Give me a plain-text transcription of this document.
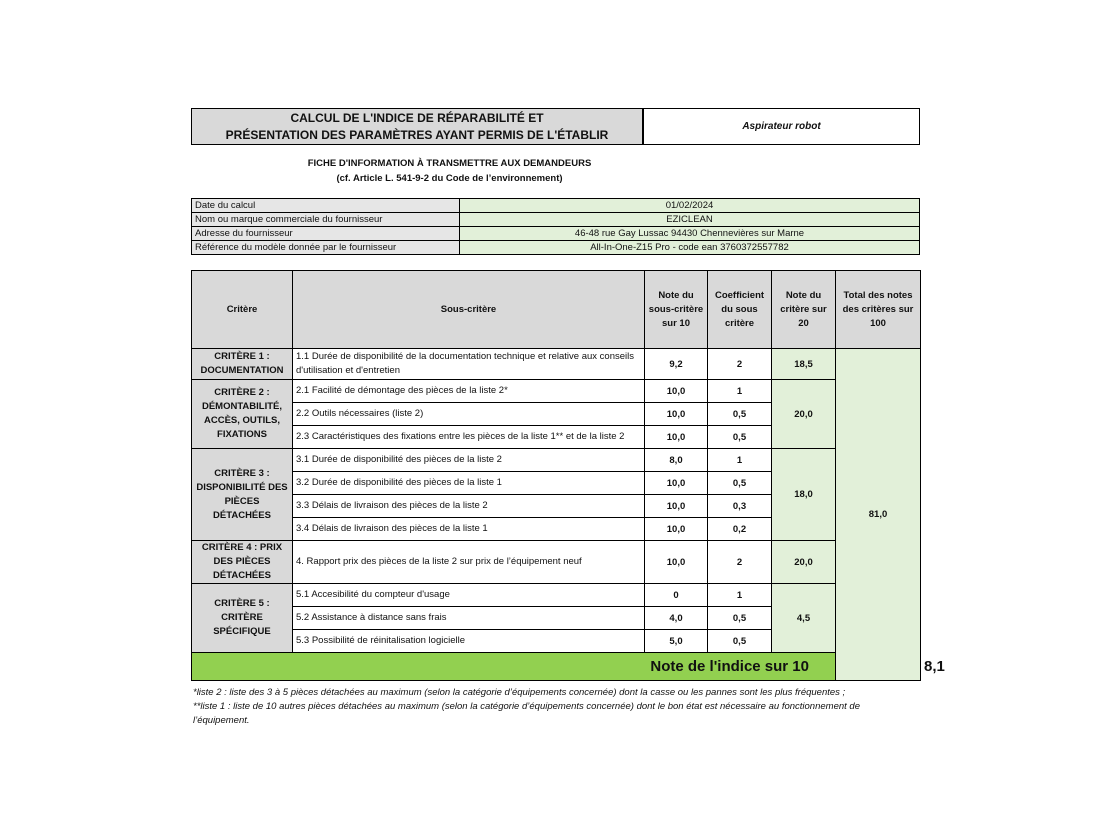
CALCUL DE L'INDICE DE RÉPARABILITÉ ET
PRÉSENTATION DES PARAMÈTRES AYANT PERMIS DE L'ÉTABLIR
Aspirateur robot
FICHE D'INFORMATION À TRANSMETTRE AUX DEMANDEURS
(cf. Article L. 541-9-2 du Code de l’environnement)
Date du calcul	01/02/2024
Nom ou marque commerciale du fournisseur	EZICLEAN
Adresse du fournisseur	46-48 rue Gay Lussac 94430 Chennevières sur Marne
Référence du modèle donnée par le fournisseur	All-In-One-Z15 Pro - code ean 3760372557782
Critère	Sous-critère	Note du sous-critère sur 10	Coefficient du sous critère	Note du critère sur 20	Total des notes des critères sur 100	
CRITÈRE 1 : DOCUMENTATION	1.1 Durée de disponibilité de la documentation technique et relative aux conseils d'utilisation et d'entretien	9,2	2	18,5	81,0	
CRITÈRE 2 : DÉMONTABILITÉ, ACCÈS, OUTILS, FIXATIONS	2.1 Facilité de démontage des pièces de la liste 2*	10,0	1	20,0		
	2.2 Outils nécessaires (liste 2)	10,0	0,5			
	2.3 Caractéristiques des fixations entre les pièces de la liste 1** et de la liste 2	10,0	0,5			
CRITÈRE 3 : DISPONIBILITÉ DES PIÈCES DÉTACHÉES	3.1 Durée de disponibilité des pièces de la liste 2	8,0	1	18,0		
	3.2 Durée de disponibilité des pièces de la liste 1	10,0	0,5			
	3.3 Délais de livraison des pièces de la liste 2	10,0	0,3			
	3.4 Délais de livraison des pièces de la liste 1	10,0	0,2			
CRITÈRE 4 : PRIX DES PIÈCES DÉTACHÉES	4. Rapport prix des pièces de la liste 2 sur prix de l’équipement neuf	10,0	2	20,0		
CRITÈRE 5 : CRITÈRE SPÉCIFIQUE	5.1 Accesibilité du compteur d'usage	0	1	4,5		
	5.2 Assistance à distance sans frais	4,0	0,5			
	5.3 Possibilité de réinitalisation logicielle	5,0	0,5			
Note de l'indice sur 10						8,1

*liste 2 : liste des 3 à 5 pièces détachées au maximum (selon la catégorie d’équipements concernée) dont la casse ou les pannes sont les plus fréquentes ;

**liste 1 : liste de 10 autres pièces détachées au maximum (selon la catégorie d’équipements concernée) dont le bon état est nécessaire au fonctionnement de l’équipement.
